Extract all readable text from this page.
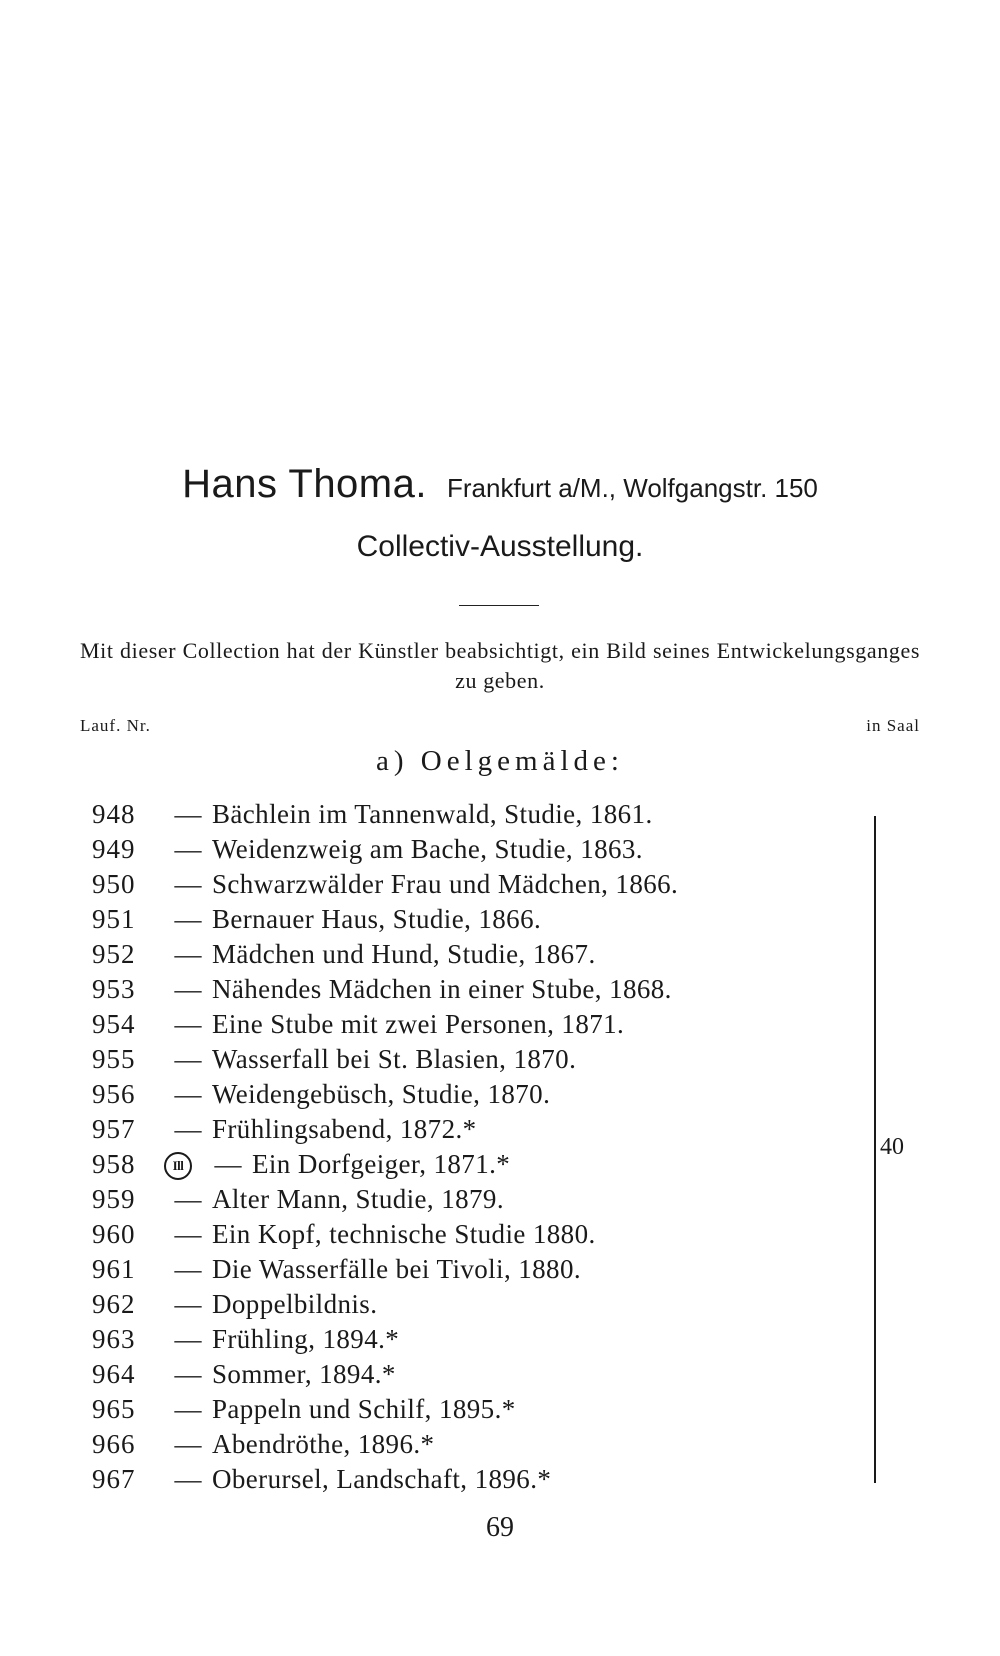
Hans Thoma. Frankfurt a/M., Wolfgangstr. 150
Collectiv-Ausstellung.
Mit dieser Collection hat der Künstler beabsichtigt, ein Bild seines Entwickelungsganges zu geben.
Lauf. Nr.	in Saal
a) Oelgemälde:
948 — Bächlein im Tannenwald, Studie, 1861.
949 — Weidenzweig am Bache, Studie, 1863.
950 — Schwarzwälder Frau und Mädchen, 1866.
951 — Bernauer Haus, Studie, 1866.
952 — Mädchen und Hund, Studie, 1867.
953 — Nähendes Mädchen in einer Stube, 1868.
954 — Eine Stube mit zwei Personen, 1871.
955 — Wasserfall bei St. Blasien, 1870.
956 — Weidengebüsch, Studie, 1870.
957 — Frühlingsabend, 1872.*
958	Ill — Ein Dorfgeiger, 1871.*
959 — Alter Mann, Studie, 1879.
960 — Ein Kopf, technische Studie 1880.
961 — Die Wasserfälle bei Tivoli, 1880.
962 — Doppelbildnis.
963 — Frühling, 1894.*
964 — Sommer, 1894.*
965 — Pappeln und Schilf, 1895.*
966 — Abendröthe, 1896.*
967 — Oberursel, Landschaft, 1896.*
40
69
